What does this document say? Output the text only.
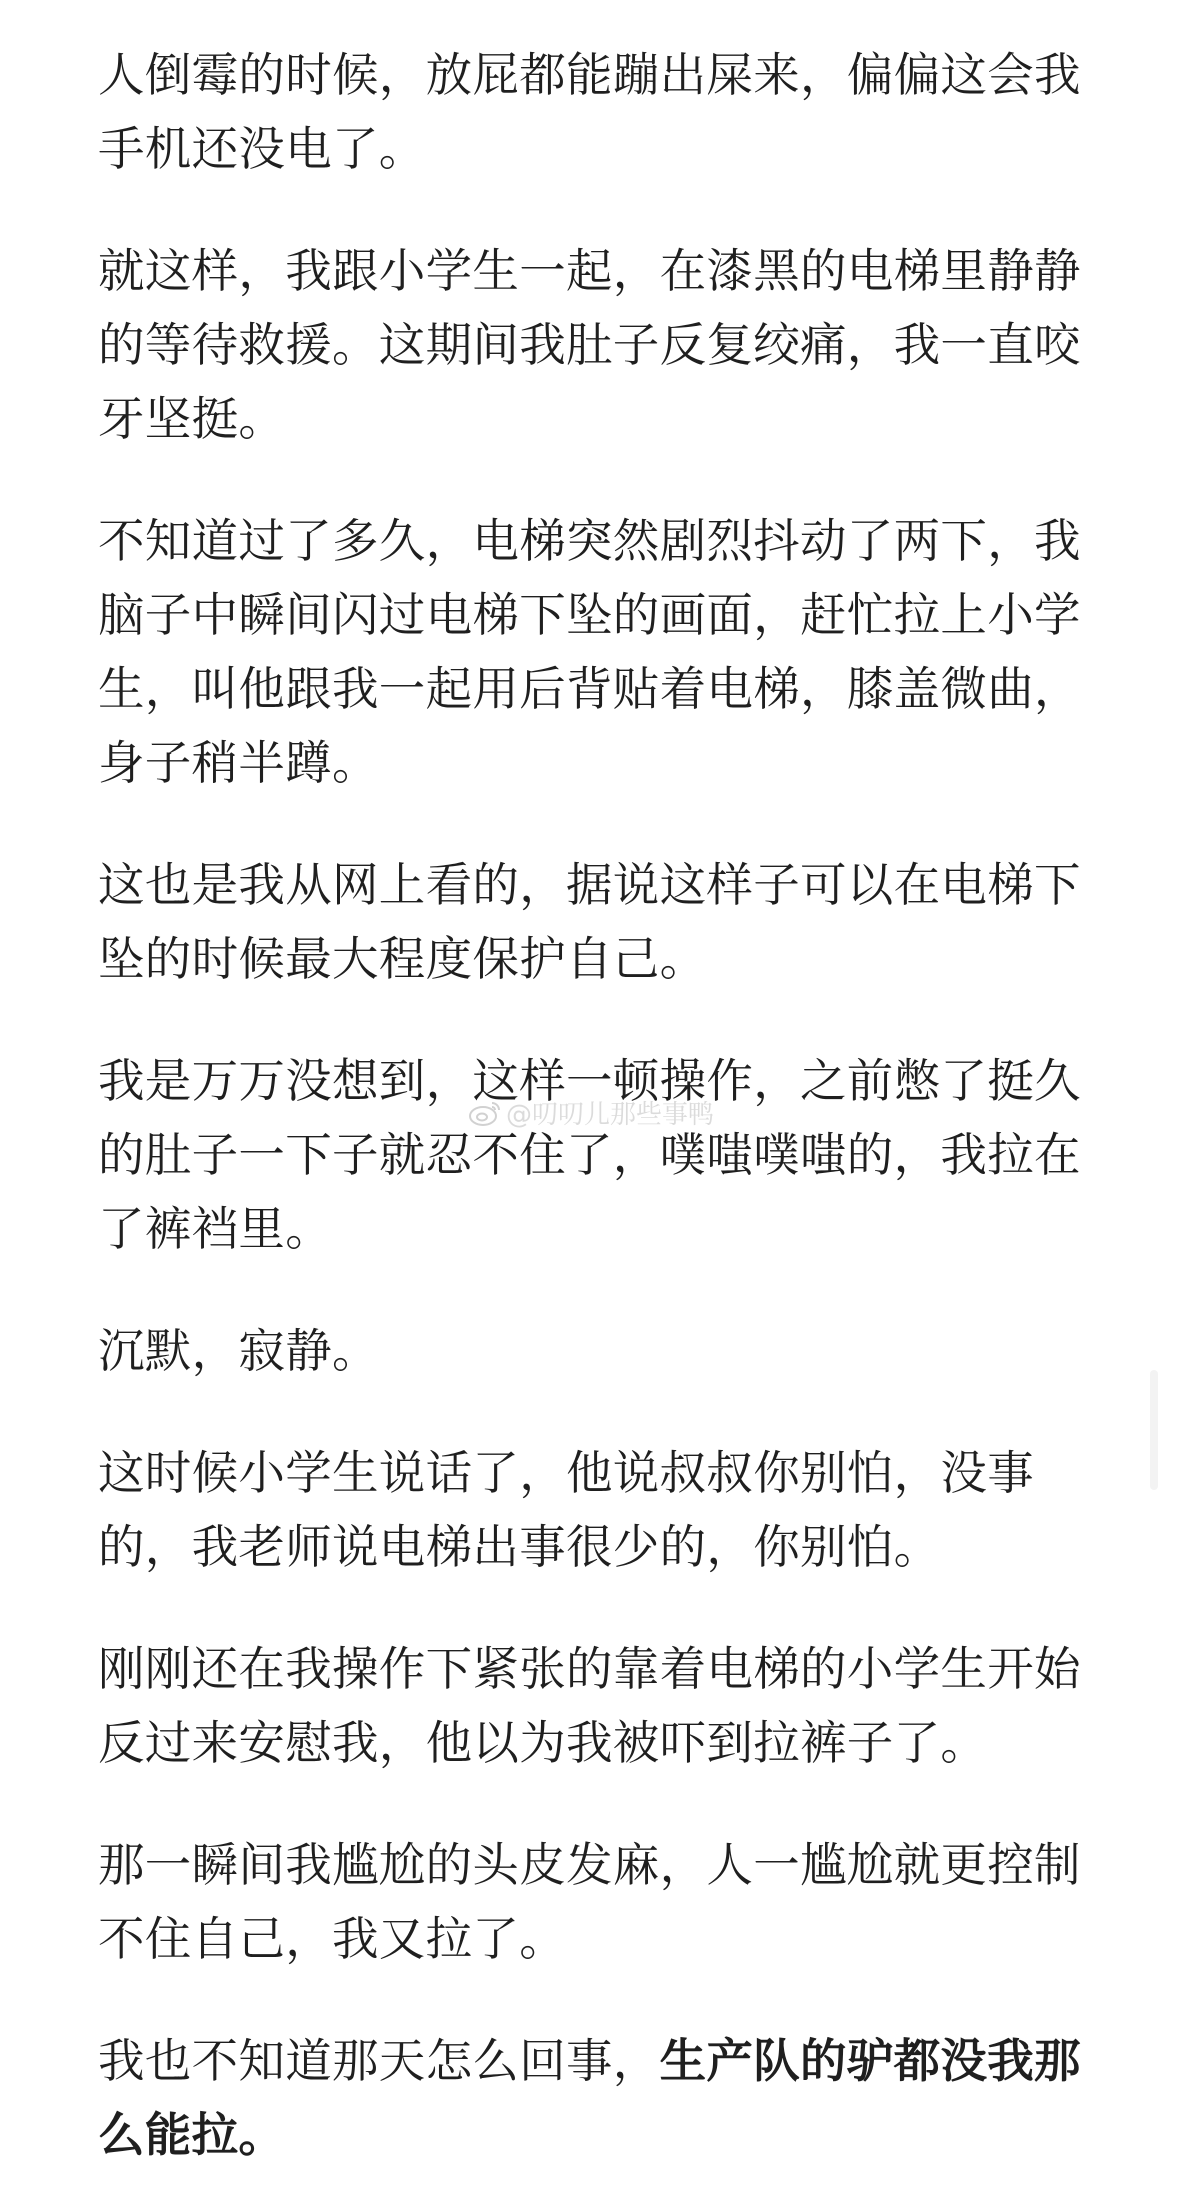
人倒霉的时候，放屁都能蹦出屎来，偏偏这会我手机还没电了。

就这样，我跟小学生一起，在漆黑的电梯里静静的等待救援。这期间我肚子反复绞痛，我一直咬牙坚挺。

不知道过了多久，电梯突然剧烈抖动了两下，我脑子中瞬间闪过电梯下坠的画面，赶忙拉上小学生，叫他跟我一起用后背贴着电梯，膝盖微曲，身子稍半蹲。

这也是我从网上看的，据说这样子可以在电梯下坠的时候最大程度保护自己。

我是万万没想到，这样一顿操作，之前憋了挺久的肚子一下子就忍不住了，噗嗤噗嗤的，我拉在了裤裆里。

沉默，寂静。

这时候小学生说话了，他说叔叔你别怕，没事的，我老师说电梯出事很少的，你别怕。

刚刚还在我操作下紧张的靠着电梯的小学生开始反过来安慰我，他以为我被吓到拉裤子了。

那一瞬间我尴尬的头皮发麻，人一尴尬就更控制不住自己，我又拉了。

我也不知道那天怎么回事，生产队的驴都没我那么能拉。

@叨叨儿那些事鸭
